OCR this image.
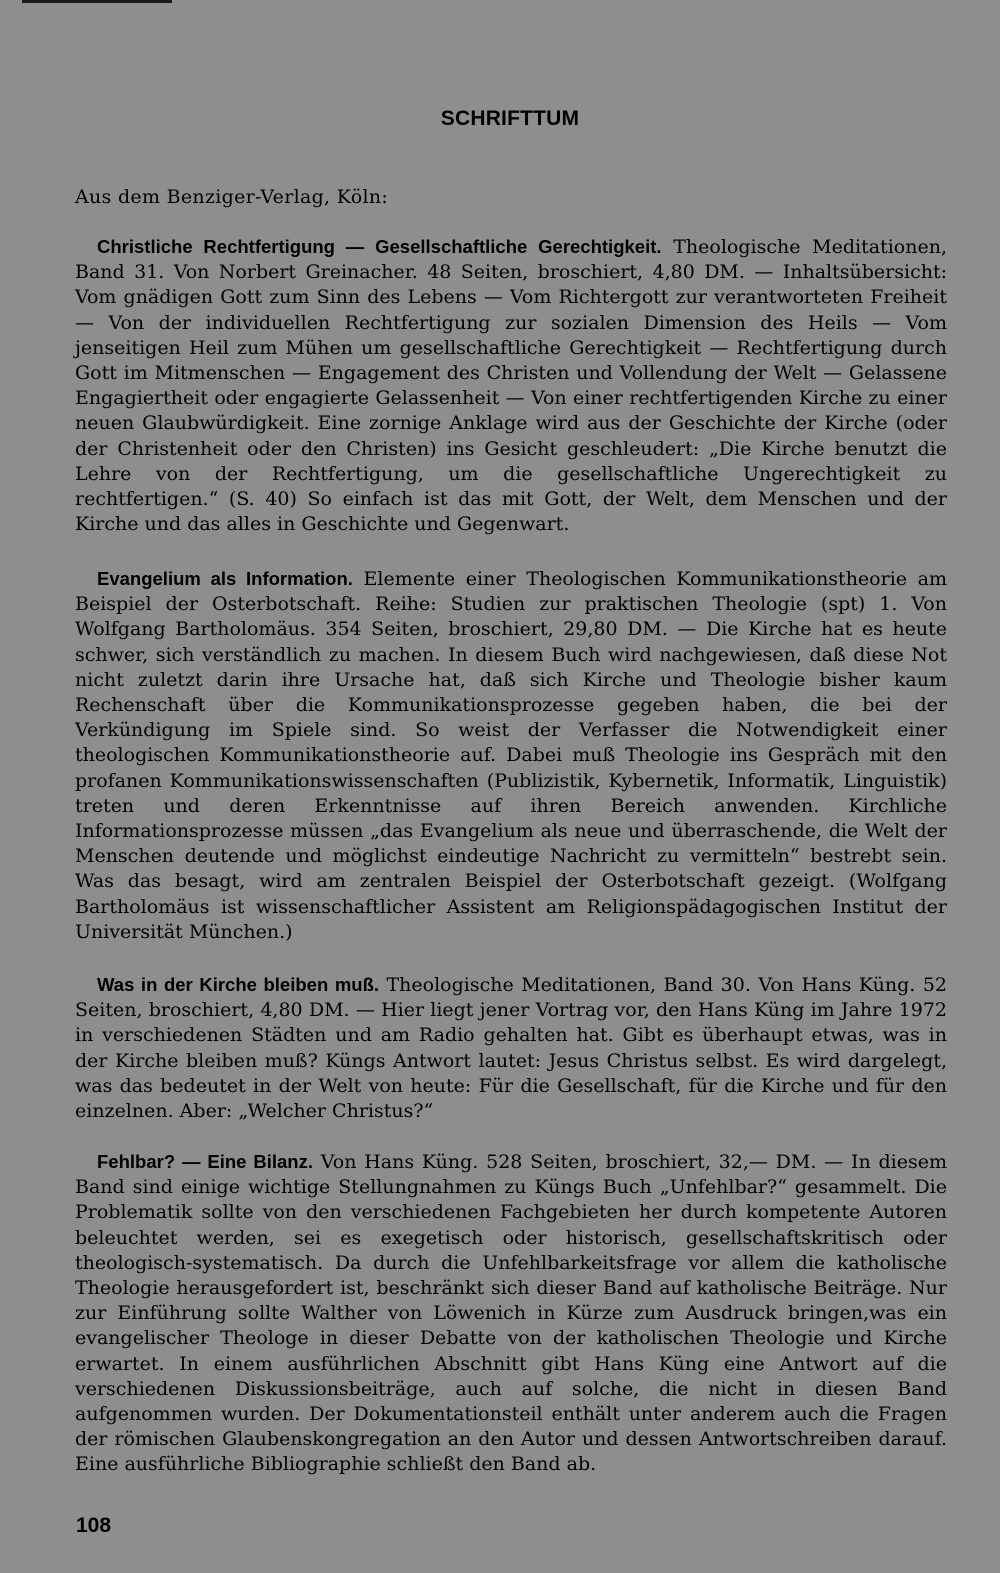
SCHRIFTTUM
Aus dem Benziger-Verlag, Köln:

Christliche Rechtfertigung — Gesellschaftliche Gerechtigkeit. Theologische Meditationen, Band 31. Von Norbert Greinacher. 48 Seiten, broschiert, 4,80 DM. — Inhaltsübersicht: Vom gnädigen Gott zum Sinn des Lebens — Vom Richtergott zur verantworteten Freiheit — Von der individuellen Rechtfertigung zur sozialen Dimension des Heils — Vom jenseitigen Heil zum Mühen um gesellschaftliche Gerechtigkeit — Rechtfertigung durch Gott im Mitmenschen — Engagement des Christen und Vollendung der Welt — Gelassene Engagiertheit oder engagierte Gelassenheit — Von einer rechtfertigenden Kirche zu einer neuen Glaubwürdigkeit. Eine zornige Anklage wird aus der Geschichte der Kirche (oder der Christenheit oder den Christen) ins Gesicht geschleudert: „Die Kirche benutzt die Lehre von der Rechtfertigung, um die gesellschaftliche Ungerechtigkeit zu rechtfertigen.“ (S. 40) So einfach ist das mit Gott, der Welt, dem Menschen und der Kirche und das alles in Geschichte und Gegenwart.

Evangelium als Information. Elemente einer Theologischen Kommunikationstheorie am Beispiel der Osterbotschaft. Reihe: Studien zur praktischen Theologie (spt) 1. Von Wolfgang Bartholomäus. 354 Seiten, broschiert, 29,80 DM. — Die Kirche hat es heute schwer, sich verständlich zu machen. In diesem Buch wird nachgewiesen, daß diese Not nicht zuletzt darin ihre Ursache hat, daß sich Kirche und Theologie bisher kaum Rechenschaft über die Kommunikationsprozesse gegeben haben, die bei der Verkündigung im Spiele sind. So weist der Verfasser die Notwendigkeit einer theologischen Kommunikationstheorie auf. Dabei muß Theologie ins Gespräch mit den profanen Kommunikationswissenschaften (Publizistik, Kybernetik, Informatik, Linguistik) treten und deren Erkenntnisse auf ihren Bereich anwenden. Kirchliche Informationsprozesse müssen „das Evangelium als neue und überraschende, die Welt der Menschen deutende und möglichst eindeutige Nachricht zu vermitteln“ bestrebt sein. Was das besagt, wird am zentralen Beispiel der Osterbotschaft gezeigt. (Wolfgang Bartholomäus ist wissenschaftlicher Assistent am Religionspädagogischen Institut der Universität München.)

Was in der Kirche bleiben muß. Theologische Meditationen, Band 30. Von Hans Küng. 52 Seiten, broschiert, 4,80 DM. — Hier liegt jener Vortrag vor, den Hans Küng im Jahre 1972 in verschiedenen Städten und am Radio gehalten hat. Gibt es überhaupt etwas, was in der Kirche bleiben muß? Küngs Antwort lautet: Jesus Christus selbst. Es wird dargelegt, was das bedeutet in der Welt von heute: Für die Gesellschaft, für die Kirche und für den einzelnen. Aber: „Welcher Christus?“

Fehlbar? — Eine Bilanz. Von Hans Küng. 528 Seiten, broschiert, 32,— DM. — In diesem Band sind einige wichtige Stellungnahmen zu Küngs Buch „Unfehlbar?“ gesammelt. Die Problematik sollte von den verschiedenen Fachgebieten her durch kompetente Autoren beleuchtet werden, sei es exegetisch oder historisch, gesellschaftskritisch oder theologisch-systematisch. Da durch die Unfehlbarkeitsfrage vor allem die katholische Theologie herausgefordert ist, beschränkt sich dieser Band auf katholische Beiträge. Nur zur Einführung sollte Walther von Löwenich in Kürze zum Ausdruck bringen,was ein evangelischer Theologe in dieser Debatte von der katholischen Theologie und Kirche erwartet. In einem ausführlichen Abschnitt gibt Hans Küng eine Antwort auf die verschiedenen Diskussionsbeiträge, auch auf solche, die nicht in diesen Band aufgenommen wurden. Der Dokumentationsteil enthält unter anderem auch die Fragen der römischen Glaubenskongregation an den Autor und dessen Antwortschreiben darauf. Eine ausführliche Bibliographie schließt den Band ab.

108
